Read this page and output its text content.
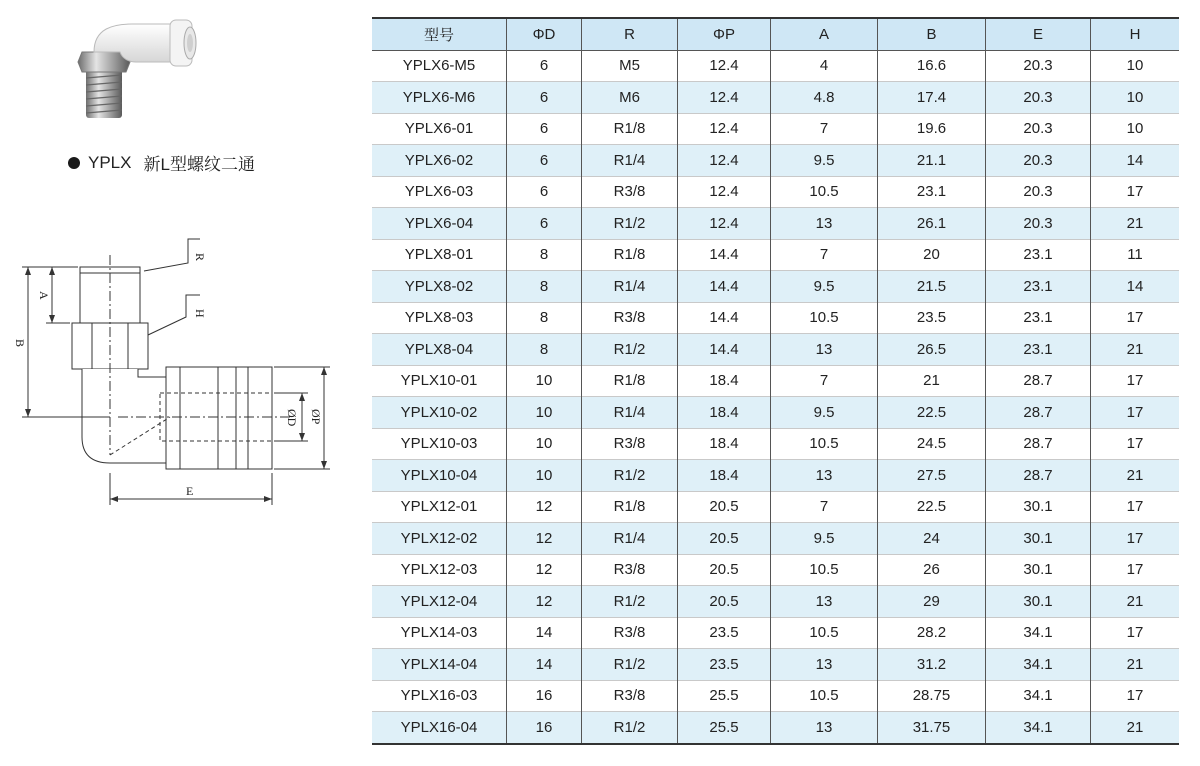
YPLX 新L型螺纹二通
R
H
B
A
ØD ØP
E
型号	ΦD	R	ΦP	A	B	E	H
YPLX6-M5	6	M5	12.4	4	16.6	20.3	10
YPLX6-M6	6	M6	12.4	4.8	17.4	20.3	10
YPLX6-01	6	R1/8	12.4	7	19.6	20.3	10
YPLX6-02	6	R1/4	12.4	9.5	21.1	20.3	14
YPLX6-03	6	R3/8	12.4	10.5	23.1	20.3	17
YPLX6-04	6	R1/2	12.4	13	26.1	20.3	21
YPLX8-01	8	R1/8	14.4	7	20	23.1	11
YPLX8-02	8	R1/4	14.4	9.5	21.5	23.1	14
YPLX8-03	8	R3/8	14.4	10.5	23.5	23.1	17
YPLX8-04	8	R1/2	14.4	13	26.5	23.1	21
YPLX10-01	10	R1/8	18.4	7	21	28.7	17
YPLX10-02	10	R1/4	18.4	9.5	22.5	28.7	17
YPLX10-03	10	R3/8	18.4	10.5	24.5	28.7	17
YPLX10-04	10	R1/2	18.4	13	27.5	28.7	21
YPLX12-01	12	R1/8	20.5	7	22.5	30.1	17
YPLX12-02	12	R1/4	20.5	9.5	24	30.1	17
YPLX12-03	12	R3/8	20.5	10.5	26	30.1	17
YPLX12-04	12	R1/2	20.5	13	29	30.1	21
YPLX14-03	14	R3/8	23.5	10.5	28.2	34.1	17
YPLX14-04	14	R1/2	23.5	13	31.2	34.1	21
YPLX16-03	16	R3/8	25.5	10.5	28.75	34.1	17
YPLX16-04	16	R1/2	25.5	13	31.75	34.1	21
